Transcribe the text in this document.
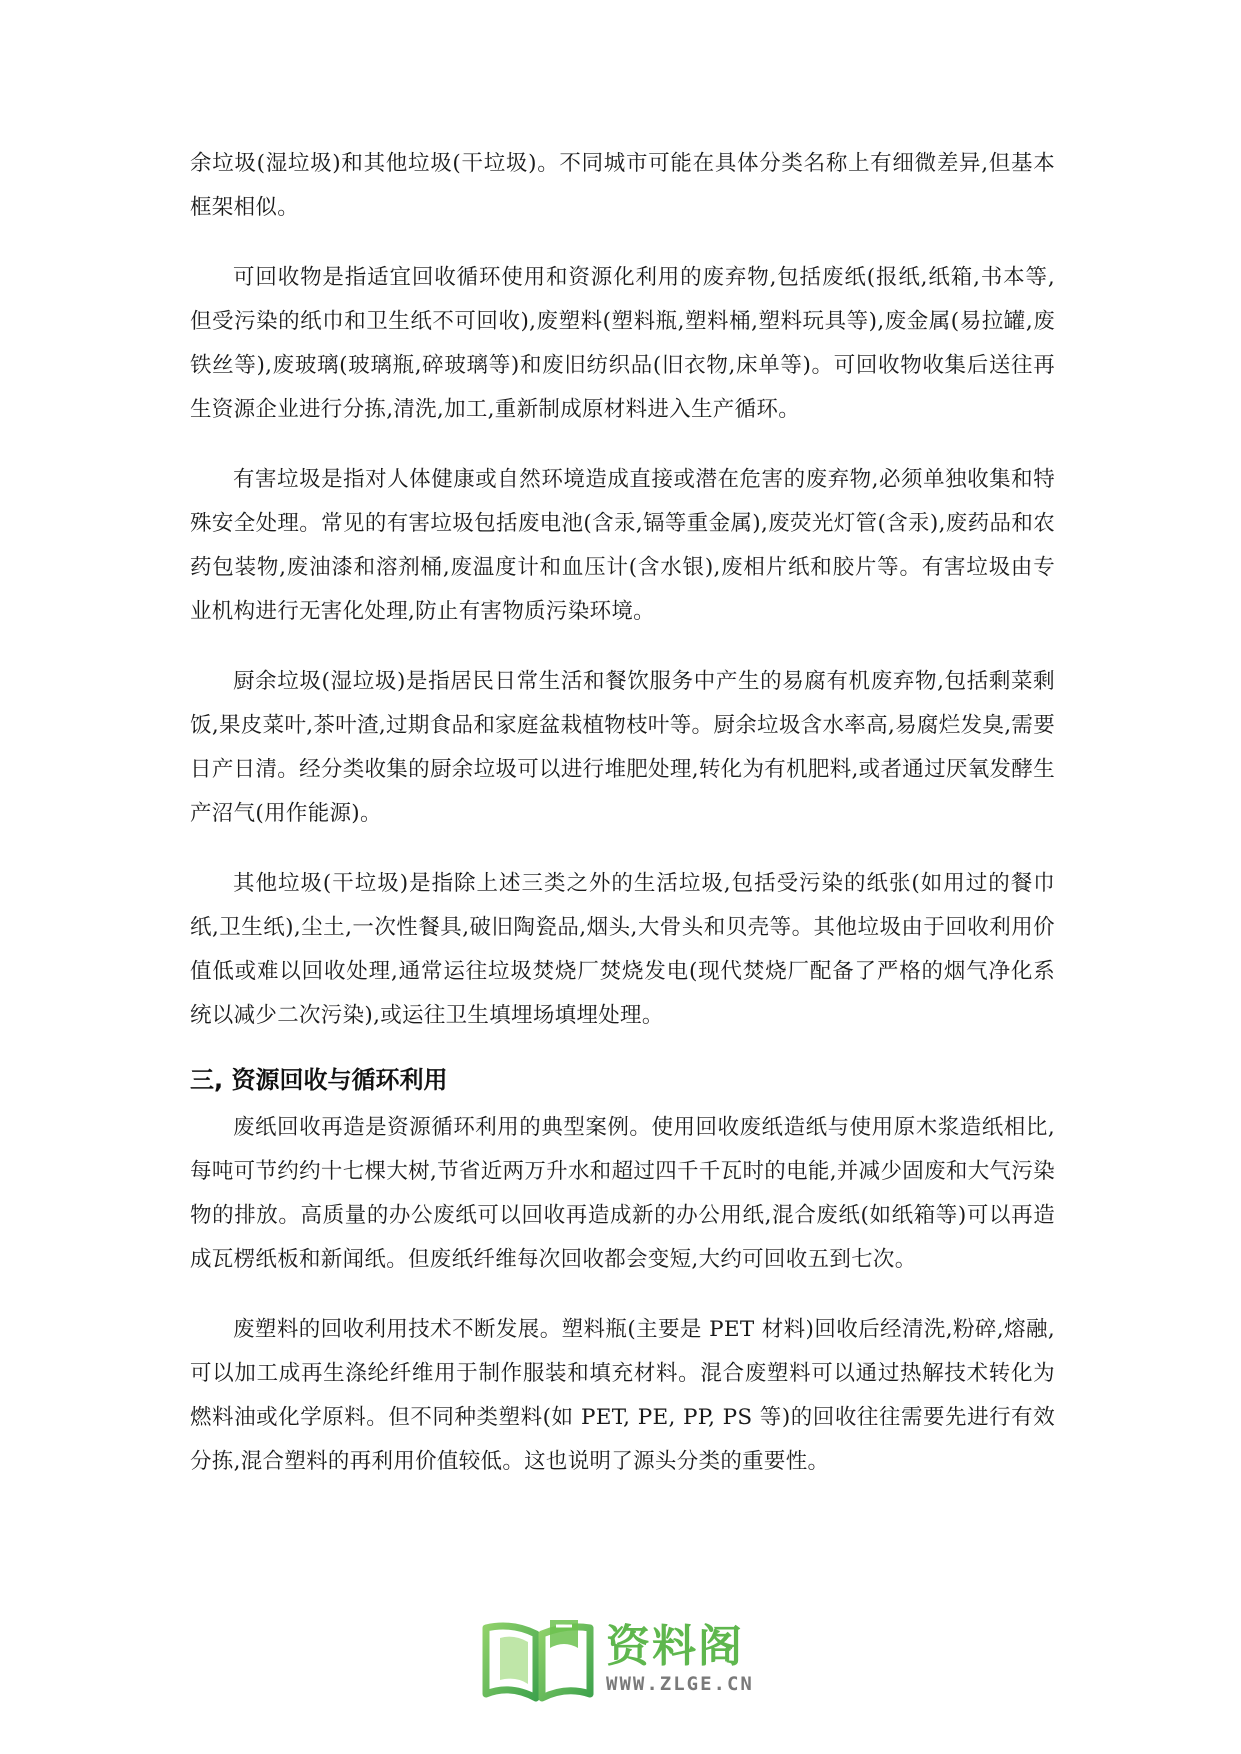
余垃圾(湿垃圾)和其他垃圾(干垃圾)。不同城市可能在具体分类名称上有细微差异,但基本框架相似。

可回收物是指适宜回收循环使用和资源化利用的废弃物,包括废纸(报纸,纸箱,书本等,但受污染的纸巾和卫生纸不可回收),废塑料(塑料瓶,塑料桶,塑料玩具等),废金属(易拉罐,废铁丝等),废玻璃(玻璃瓶,碎玻璃等)和废旧纺织品(旧衣物,床单等)。可回收物收集后送往再生资源企业进行分拣,清洗,加工,重新制成原材料进入生产循环。

有害垃圾是指对人体健康或自然环境造成直接或潜在危害的废弃物,必须单独收集和特殊安全处理。常见的有害垃圾包括废电池(含汞,镉等重金属),废荧光灯管(含汞),废药品和农药包装物,废油漆和溶剂桶,废温度计和血压计(含水银),废相片纸和胶片等。有害垃圾由专业机构进行无害化处理,防止有害物质污染环境。

厨余垃圾(湿垃圾)是指居民日常生活和餐饮服务中产生的易腐有机废弃物,包括剩菜剩饭,果皮菜叶,茶叶渣,过期食品和家庭盆栽植物枝叶等。厨余垃圾含水率高,易腐烂发臭,需要日产日清。经分类收集的厨余垃圾可以进行堆肥处理,转化为有机肥料,或者通过厌氧发酵生产沼气(用作能源)。

其他垃圾(干垃圾)是指除上述三类之外的生活垃圾,包括受污染的纸张(如用过的餐巾纸,卫生纸),尘土,一次性餐具,破旧陶瓷品,烟头,大骨头和贝壳等。其他垃圾由于回收利用价值低或难以回收处理,通常运往垃圾焚烧厂焚烧发电(现代焚烧厂配备了严格的烟气净化系统以减少二次污染),或运往卫生填埋场填埋处理。

三, 资源回收与循环利用

废纸回收再造是资源循环利用的典型案例。使用回收废纸造纸与使用原木浆造纸相比,每吨可节约约十七棵大树,节省近两万升水和超过四千千瓦时的电能,并减少固废和大气污染物的排放。高质量的办公废纸可以回收再造成新的办公用纸,混合废纸(如纸箱等)可以再造成瓦楞纸板和新闻纸。但废纸纤维每次回收都会变短,大约可回收五到七次。

废塑料的回收利用技术不断发展。塑料瓶(主要是 PET 材料)回收后经清洗,粉碎,熔融,可以加工成再生涤纶纤维用于制作服装和填充材料。混合废塑料可以通过热解技术转化为燃料油或化学原料。但不同种类塑料(如 PET, PE, PP, PS 等)的回收往往需要先进行有效分拣,混合塑料的再利用价值较低。这也说明了源头分类的重要性。

资料阁
WWW.ZLGE.CN
